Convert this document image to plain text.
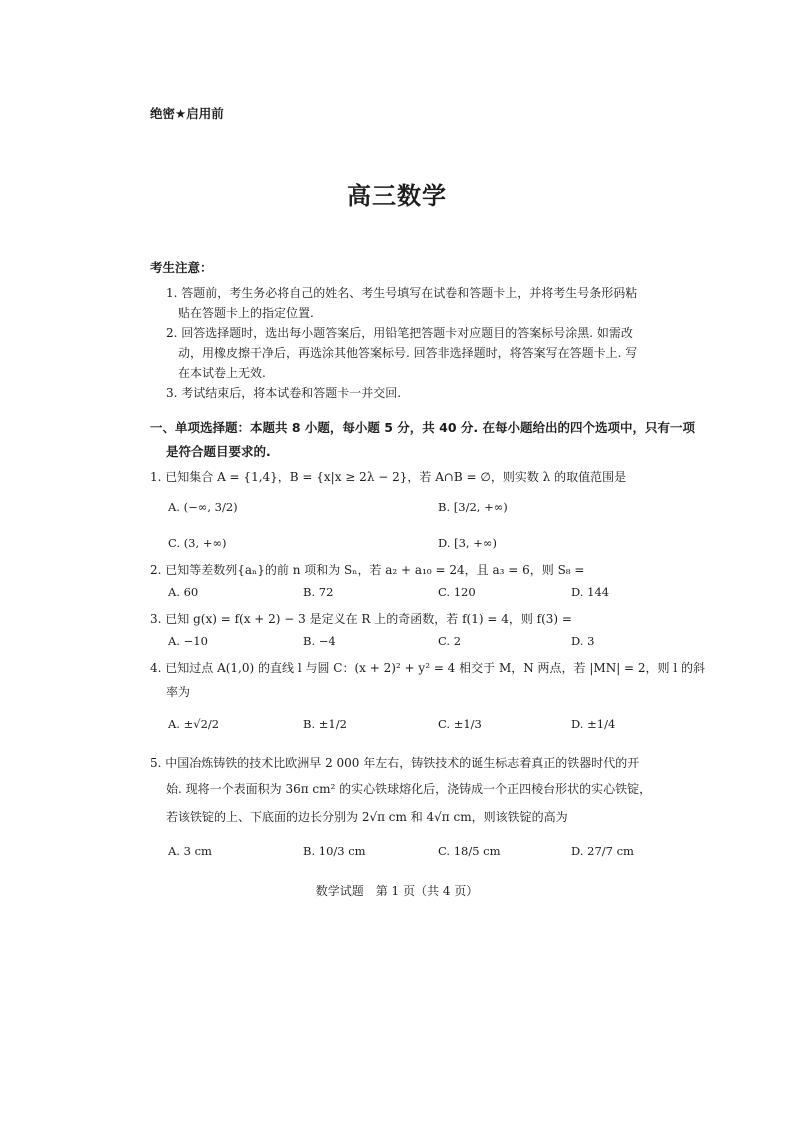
绝密★启用前
高三数学
考生注意：
1. 答题前，考生务必将自己的姓名、考生号填写在试卷和答题卡上，并将考生号条形码粘
贴在答题卡上的指定位置.
2. 回答选择题时，选出每小题答案后，用铅笔把答题卡对应题目的答案标号涂黑. 如需改
动，用橡皮擦干净后，再选涂其他答案标号. 回答非选择题时，将答案写在答题卡上. 写
在本试卷上无效.
3. 考试结束后，将本试卷和答题卡一并交回.
一、单项选择题：本题共 8 小题，每小题 5 分，共 40 分. 在每小题给出的四个选项中，只有一项
是符合题目要求的.
1. 已知集合 A = {1,4}，B = {x|x ≥ 2λ − 2}，若 A∩B = ∅，则实数 λ 的取值范围是
A. (−∞, 3/2)	B. [3/2, +∞)
C. (3, +∞)	D. [3, +∞)
2. 已知等差数列{aₙ}的前 n 项和为 Sₙ，若 a₂ + a₁₀ = 24，且 a₃ = 6，则 S₈ =
A. 60	B. 72	C. 120	D. 144
3. 已知 g(x) = f(x + 2) − 3 是定义在 R 上的奇函数，若 f(1) = 4，则 f(3) =
A. −10	B. −4	C. 2	D. 3
4. 已知过点 A(1,0) 的直线 l 与圆 C：(x + 2)² + y² = 4 相交于 M，N 两点，若 |MN| = 2，则 l 的斜
率为
A. ±√2/2	B. ±1/2	C. ±1/3	D. ±1/4
5. 中国冶炼铸铁的技术比欧洲早 2 000 年左右，铸铁技术的诞生标志着真正的铁器时代的开
始. 现将一个表面积为 36π cm² 的实心铁球熔化后，浇铸成一个正四棱台形状的实心铁锭，
若该铁锭的上、下底面的边长分别为 2√π cm 和 4√π cm，则该铁锭的高为
A. 3 cm	B. 10/3 cm	C. 18/5 cm	D. 27/7 cm
数学试题　第 1 页（共 4 页）
